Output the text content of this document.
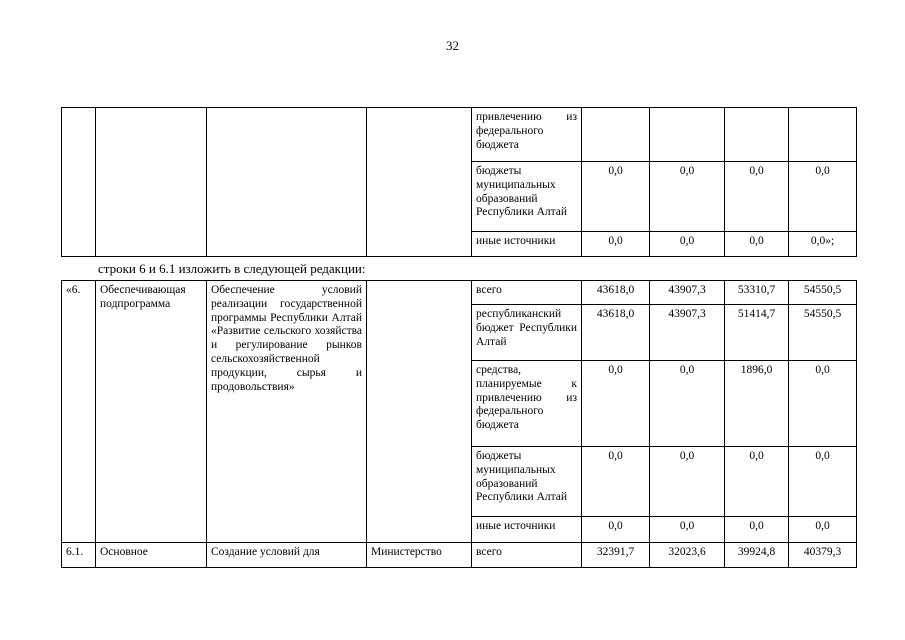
32
				привлечению из федерального бюджета				
				бюджеты муниципальных образований Республики Алтай	0,0	0,0	0,0	0,0
				иные источники	0,0	0,0	0,0	0,0»;
строки 6 и 6.1 изложить в следующей редакции:
«6.	Обеспечивающая подпрограмма	Обеспечение условий реализации государственной программы Республики Алтай «Развитие сельского хозяйства и регулирование рынков сельскохозяйственной продукции, сырья и продовольствия»		всего	43618,0	43907,3	53310,7	54550,5
				республиканский бюджет Республики Алтай	43618,0	43907,3	51414,7	54550,5
				средства, планируемые к привлечению из федерального бюджета	0,0	0,0	1896,0	0,0
				бюджеты муниципальных образований Республики Алтай	0,0	0,0	0,0	0,0
				иные источники	0,0	0,0	0,0	0,0
6.1.	Основное	Создание условий для	Министерство	всего	32391,7	32023,6	39924,8	40379,3
